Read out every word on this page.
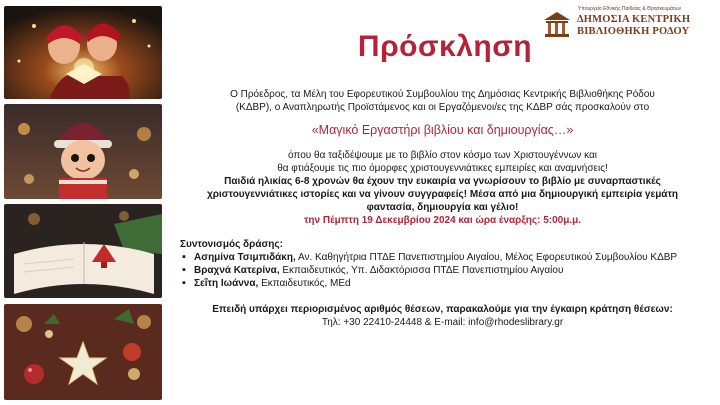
Υπουργείο Εθνικής Παιδείας & Θρησκευμάτων
ΔΗΜΟΣΙΑ ΚΕΝΤΡΙΚΗ
ΒΙΒΛΙΟΘΗΚΗ ΡΟΔΟΥ
Πρόσκληση
Ο Πρόεδρος, τα Μέλη του Εφορευτικού Συμβουλίου της Δημόσιας Κεντρικής Βιβλιοθήκης Ρόδου
(ΚΔΒΡ), ο Αναπληρωτής Προϊστάμενος και οι Εργαζόμενοι/ες της ΚΔΒΡ σάς προσκαλούν στο
«Μαγικό Εργαστήρι βιβλίου και δημιουργίας…»
όπου θα ταξιδέψουμε με το βιβλίο στον κόσμο των Χριστουγέννων και
θα φτιάξουμε τις πιο όμορφες χριστουγεννιάτικες εμπειρίες και αναμνήσεις!
Παιδιά ηλικίας 6-8 χρονών θα έχουν την ευκαιρία να γνωρίσουν το βιβλίο με συναρπαστικές
χριστουγεννιάτικες ιστορίες και να γίνουν συγγραφείς! Μέσα από μια δημιουργική εμπειρία γεμάτη
φαντασία, δημιουργία και γέλιο!
την Πέμπτη 19 Δεκεμβρίου 2024 και ώρα έναρξης: 5:00μ.μ.
Συντονισμός δράσης:
▪ Ασημίνα Τσιμπιδάκη, Αν. Καθηγήτρια ΠΤΔΕ Πανεπιστημίου Αιγαίου, Μέλος Εφορευτικού Συμβουλίου ΚΔΒΡ
▪ Βραχνά Κατερίνα, Εκπαιδευτικός, Υπ. Διδακτόρισσα ΠΤΔΕ Πανεπιστημίου Αιγαίου
▪ Σεΐτη Ιωάννα, Εκπαιδευτικός, MEd
Επειδή υπάρχει περιορισμένος αριθμός θέσεων, παρακαλούμε για την έγκαιρη κράτηση θέσεων:
Τηλ: +30 22410-24448 & E-mail: info@rhodeslibrary.gr
